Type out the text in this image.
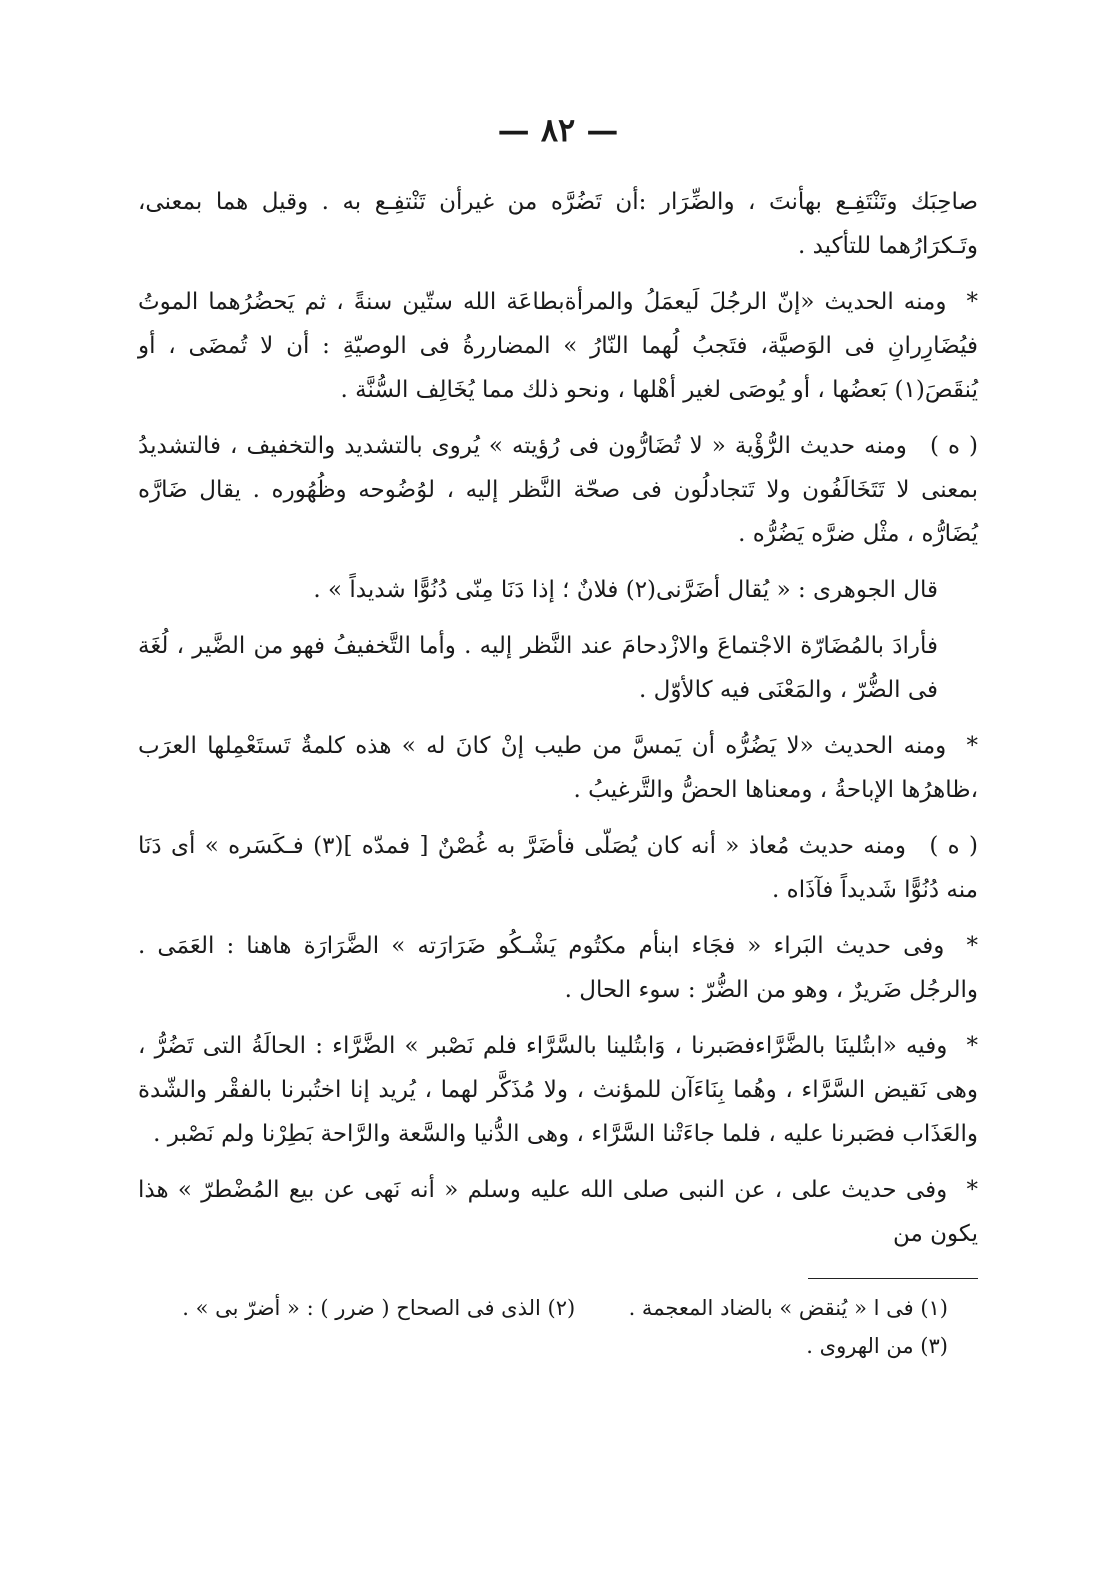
— ٨٢ —

صاحِبَك وتَنْتَفِـع بهأنتَ ، والضِّرَار :أن تَضُرَّه من غيرأن تَنْتفِـع به . وقيل هما بمعنى، وتَـكرَارُهما للتأكيد .

* ومنه الحديث «إنّ الرجُلَ لَيعمَلُ والمرأةبطاعَة الله ستّين سنةً ، ثم يَحضُرُهما الموتُ فيُضَارِرانِ فى الوَصيَّة، فتَجبُ لُهما النّارُ » المضاررةُ فى الوصيّةِ : أن لا تُمضَى ، أو يُنقَصَ(١) بَعضُها ، أو يُوصَى لغير أهْلها ، ونحو ذلك مما يُخَالِف السُّنَّة .

( ه ) ومنه حديث الرُّؤْية « لا تُضَارُّون فى رُؤيته » يُروى بالتشديد والتخفيف ، فالتشديدُ بمعنى لا تَتَخَالَفُون ولا تَتجادلُون فى صحّة النَّظر إليه ، لوُضُوحه وظُهُوره . يقال ضَارَّه يُضَارُّه ، مثْل ضرَّه يَضُرُّه .

قال الجوهرى : « يُقال أضَرَّنى(٢) فلانٌ ؛ إذا دَنَا مِنّى دُنُوًّا شديداً » .

فأرادَ بالمُضَارّة الاجْتماعَ والازْدحامَ عند النَّظر إليه . وأما التَّخفيفُ فهو من الضَّير ، لُغَة فى الضُّرّ ، والمَعْنَى فيه كالأوّل .

* ومنه الحديث «لا يَضُرُّه أن يَمسَّ من طيب إنْ كانَ له » هذه كلمةٌ تَستَعْمِلها العرَب ،ظاهرُها الإباحةُ ، ومعناها الحضُّ والتَّرغيبُ .

( ه ) ومنه حديث مُعاذ « أنه كان يُصَلّى فأضَرَّ به غُصْنٌ [ فمدّه ](٣) فـكَسَره » أى دَنَا منه دُنُوًّا شَديداً فآذَاه .

* وفى حديث البَراء « فجَاء ابنأم مكتُوم يَشْـكُو ضَرَارَته » الضَّرَارَة هاهنا : العَمَى . والرجُل ضَريرٌ ، وهو من الضُّرّ : سوء الحال .

* وفيه «ابتُلينَا بالضَّرَّاءفصَبرنا ، وَابتُلينا بالسَّرَّاء فلم نَصْبر » الضَّرَّاء : الحالَةُ التى تَضُرُّ ، وهى نَقيض السَّرَّاء ، وهُما بِنَاءَآن للمؤنث ، ولا مُذَكَّر لهما ، يُريد إنا اختُبرنا بالفقْر والشّدة والعَذَاب فصَبرنا عليه ، فلما جاءَتْنا السَّرَّاء ، وهى الدُّنيا والسَّعة والرَّاحة بَطِرْنا ولم نَصْبر .

* وفى حديث على ، عن النبى صلى الله عليه وسلم « أنه نَهى عن بيع المُضْطرّ » هذا يكون من

(١) فى ا « يُنقض » بالضاد المعجمة .  (٢) الذى فى الصحاح ( ضرر ) : « أضرّ بى » .
(٣) من الهروى .
